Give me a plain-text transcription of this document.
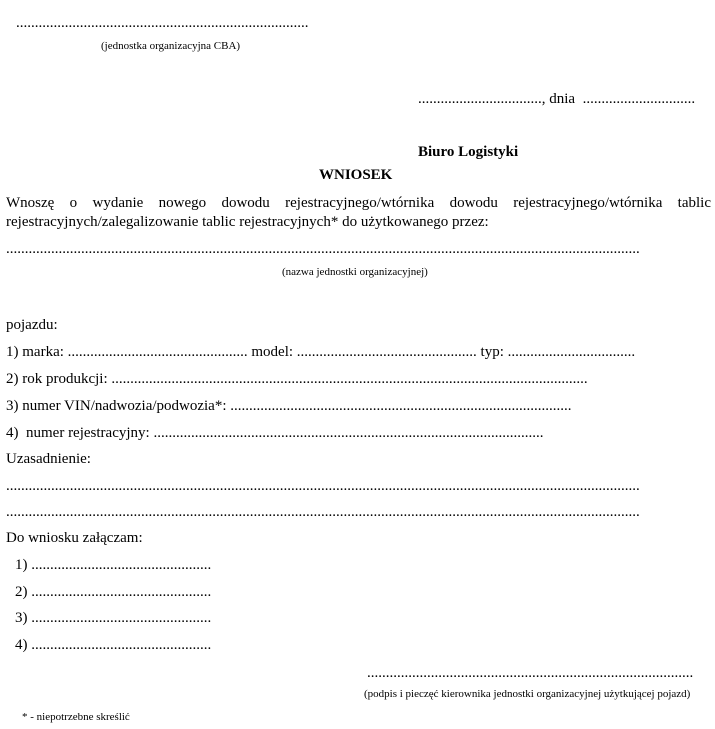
..............................................................................
(jednostka organizacyjna CBA)
................................., dnia  ..............................
Biuro Logistyki
WNIOSEK
Wnoszę o wydanie nowego dowodu rejestracyjnego/wtórnika dowodu rejestracyjnego/wtórnika tablic
rejestracyjnych/zalegalizowanie tablic rejestracyjnych* do użytkowanego przez:
.........................................................................................................................................................................
(nazwa jednostki organizacyjnej)
pojazdu:
1) marka: ................................................ model: ................................................ typ: ..................................
2) rok produkcji: ...............................................................................................................................
3) numer VIN/nadwozia/podwozia*: ...........................................................................................
4)  numer rejestracyjny: ........................................................................................................
Uzasadnienie:
.........................................................................................................................................................................
.........................................................................................................................................................................
Do wniosku załączam:
1) ................................................
2) ................................................
3) ................................................
4) ................................................
.......................................................................................
(podpis i pieczęć kierownika jednostki organizacyjnej użytkującej pojazd)
* - niepotrzebne skreślić
